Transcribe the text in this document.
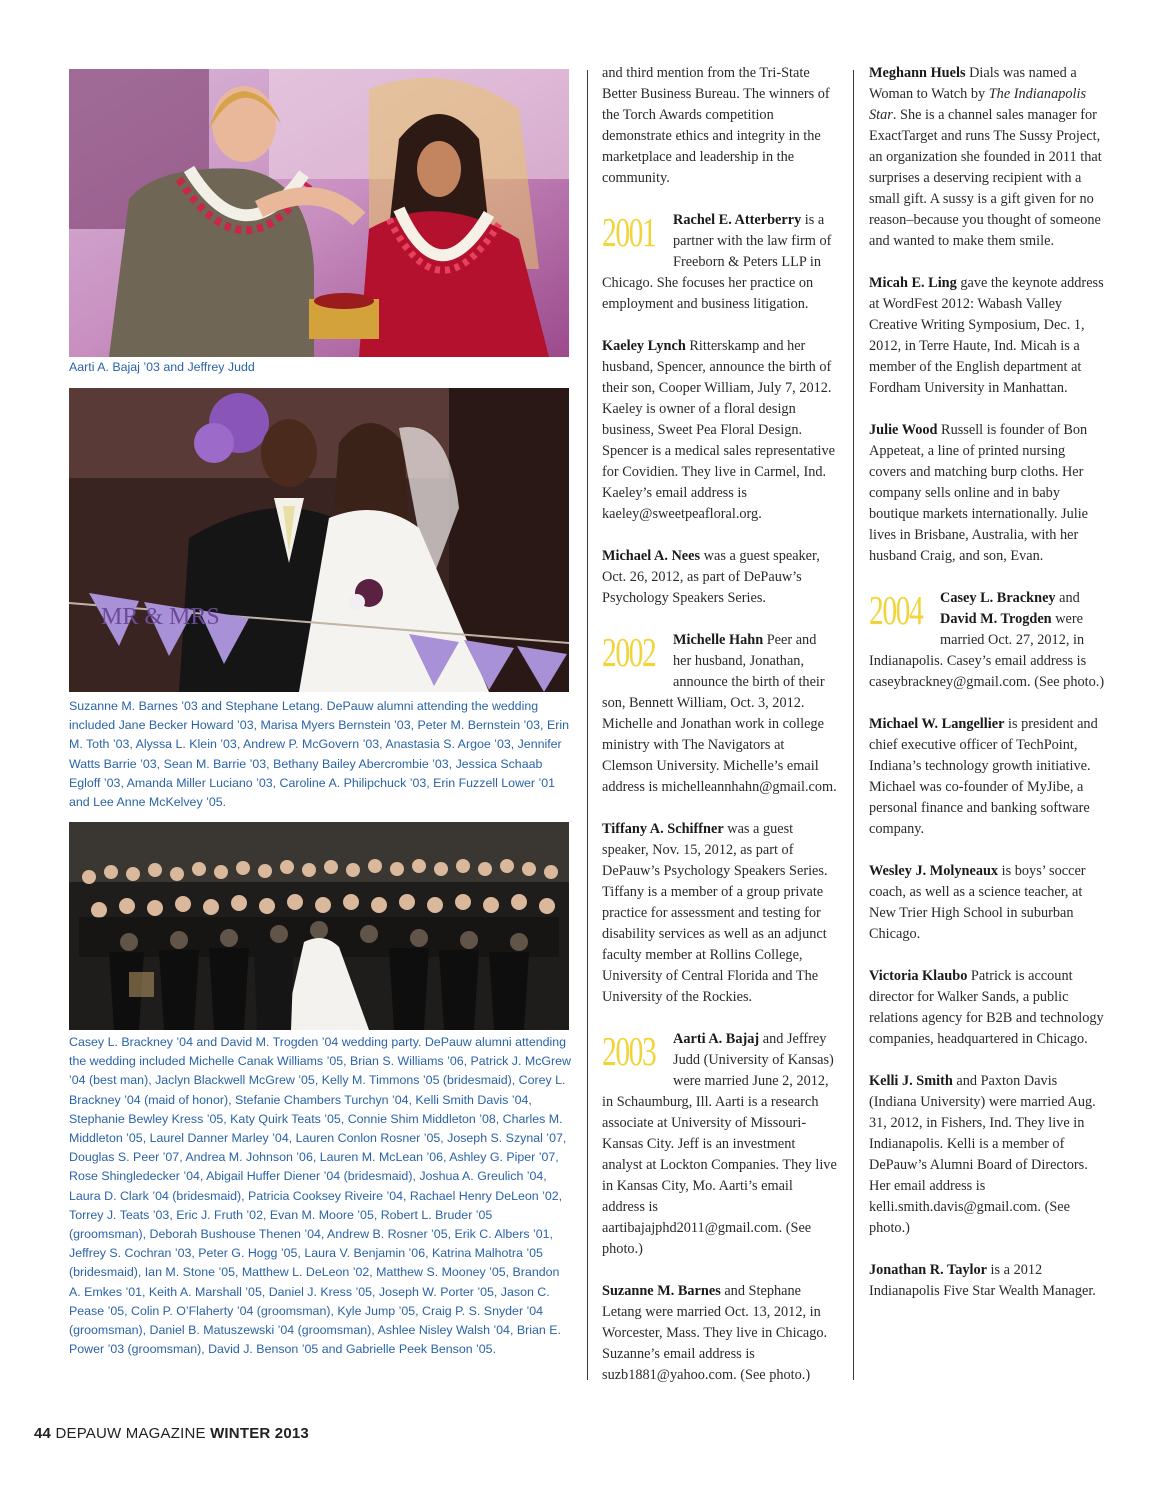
Aarti A. Bajaj ’03 and Jeffrey Judd

MR & MRS

Suzanne M. Barnes ’03 and Stephane Letang. DePauw alumni attending the wedding included Jane Becker Howard ’03, Marisa Myers Bernstein ’03, Peter M. Bernstein ’03, Erin M. Toth ’03, Alyssa L. Klein ’03, Andrew P. McGovern ’03, Anastasia S. Argoe ’03, Jennifer Watts Barrie ’03, Sean M. Barrie ’03, Bethany Bailey Abercrombie ’03, Jessica Schaab Egloff ’03, Amanda Miller Luciano ’03, Caroline A. Philipchuck ’03, Erin Fuzzell Lower ’01 and Lee Anne McKelvey ’05.

Casey L. Brackney ’04 and David M. Trogden ’04 wedding party. DePauw alumni attending the wedding included Michelle Canak Williams ’05, Brian S. Williams ’06, Patrick J. McGrew ’04 (best man), Jaclyn Blackwell McGrew ’05, Kelly M. Timmons ’05 (bridesmaid), Corey L. Brackney ’04 (maid of honor), Stefanie Chambers Turchyn ’04, Kelli Smith Davis ’04, Stephanie Bewley Kress ’05, Katy Quirk Teats ’05, Connie Shim Middleton ’08, Charles M. Middleton ’05, Laurel Danner Marley ’04, Lauren Conlon Rosner ’05, Joseph S. Szynal ’07, Douglas S. Peer ’07, Andrea M. Johnson ’06, Lauren M. McLean ’06, Ashley G. Piper ’07, Rose Shingledecker ’04, Abigail Huffer Diener ’04 (bridesmaid), Joshua A. Greulich ’04, Laura D. Clark ’04 (bridesmaid), Patricia Cooksey Riveire ’04, Rachael Henry DeLeon ’02, Torrey J. Teats ’03, Eric J. Fruth ’02, Evan M. Moore ’05, Robert L. Bruder ’05 (groomsman), Deborah Bushouse Thenen ’04, Andrew B. Rosner ’05, Erik C. Albers ’01, Jeffrey S. Cochran ’03, Peter G. Hogg ’05, Laura V. Benjamin ’06, Katrina Malhotra ’05 (bridesmaid), Ian M. Stone ’05, Matthew L. DeLeon ’02, Matthew S. Mooney ’05, Brandon A. Emkes ’01, Keith A. Marshall ’05, Daniel J. Kress ’05, Joseph W. Porter ’05, Jason C. Pease ’05, Colin P. O’Flaherty ’04 (groomsman), Kyle Jump ’05, Craig P. S. Snyder ’04 (groomsman), Daniel B. Matuszewski ’04 (groomsman), Ashlee Nisley Walsh ’04, Brian E. Power ’03 (groomsman), David J. Benson ’05 and Gabrielle Peek Benson ’05.

and third mention from the Tri-State Better Business Bureau. The winners of the Torch Awards competition demonstrate ethics and integrity in the marketplace and leadership in the community.

2001 Rachel E. Atterberry is a partner with the law firm of Freeborn & Peters LLP in Chicago. She focuses her practice on employment and business litigation.

Kaeley Lynch Ritterskamp and her husband, Spencer, announce the birth of their son, Cooper William, July 7, 2012. Kaeley is owner of a floral design business, Sweet Pea Floral Design. Spencer is a medical sales representative for Covidien. They live in Carmel, Ind. Kaeley’s email address is kaeley@sweetpeafloral.org.

Michael A. Nees was a guest speaker, Oct. 26, 2012, as part of DePauw’s Psychology Speakers Series.

2002 Michelle Hahn Peer and her husband, Jonathan, announce the birth of their son, Bennett William, Oct. 3, 2012. Michelle and Jonathan work in college ministry with The Navigators at Clemson University. Michelle’s email address is michelleannhahn@gmail.com.

Tiffany A. Schiffner was a guest speaker, Nov. 15, 2012, as part of DePauw’s Psychology Speakers Series. Tiffany is a member of a group private practice for assessment and testing for disability services as well as an adjunct faculty member at Rollins College, University of Central Florida and The University of the Rockies.

2003 Aarti A. Bajaj and Jeffrey Judd (University of Kansas) were married June 2, 2012, in Schaumburg, Ill. Aarti is a research associate at University of Missouri-Kansas City. Jeff is an investment analyst at Lockton Companies. They live in Kansas City, Mo. Aarti’s email address is aartibajajphd2011@gmail.com. (See photo.)

Suzanne M. Barnes and Stephane Letang were married Oct. 13, 2012, in Worcester, Mass. They live in Chicago. Suzanne’s email address is suzb1881@yahoo.com. (See photo.)

Meghann Huels Dials was named a Woman to Watch by The Indianapolis Star. She is a channel sales manager for ExactTarget and runs The Sussy Project, an organization she founded in 2011 that surprises a deserving recipient with a small gift. A sussy is a gift given for no reason–because you thought of someone and wanted to make them smile.

Micah E. Ling gave the keynote address at WordFest 2012: Wabash Valley Creative Writing Symposium, Dec. 1, 2012, in Terre Haute, Ind. Micah is a member of the English department at Fordham University in Manhattan.

Julie Wood Russell is founder of Bon Appeteat, a line of printed nursing covers and matching burp cloths. Her company sells online and in baby boutique markets internationally. Julie lives in Brisbane, Australia, with her husband Craig, and son, Evan.

2004 Casey L. Brackney and David M. Trogden were married Oct. 27, 2012, in Indianapolis. Casey’s email address is caseybrackney@gmail.com. (See photo.)

Michael W. Langellier is president and chief executive officer of TechPoint, Indiana’s technology growth initiative. Michael was co-founder of MyJibe, a personal finance and banking software company.

Wesley J. Molyneaux is boys’ soccer coach, as well as a science teacher, at New Trier High School in suburban Chicago.

Victoria Klaubo Patrick is account director for Walker Sands, a public relations agency for B2B and technology companies, headquartered in Chicago.

Kelli J. Smith and Paxton Davis (Indiana University) were married Aug. 31, 2012, in Fishers, Ind. They live in Indianapolis. Kelli is a member of DePauw’s Alumni Board of Directors. Her email address is kelli.smith.davis@gmail.com. (See photo.)

Jonathan R. Taylor is a 2012 Indianapolis Five Star Wealth Manager.

44 DEPAUW MAGAZINE WINTER 2013
